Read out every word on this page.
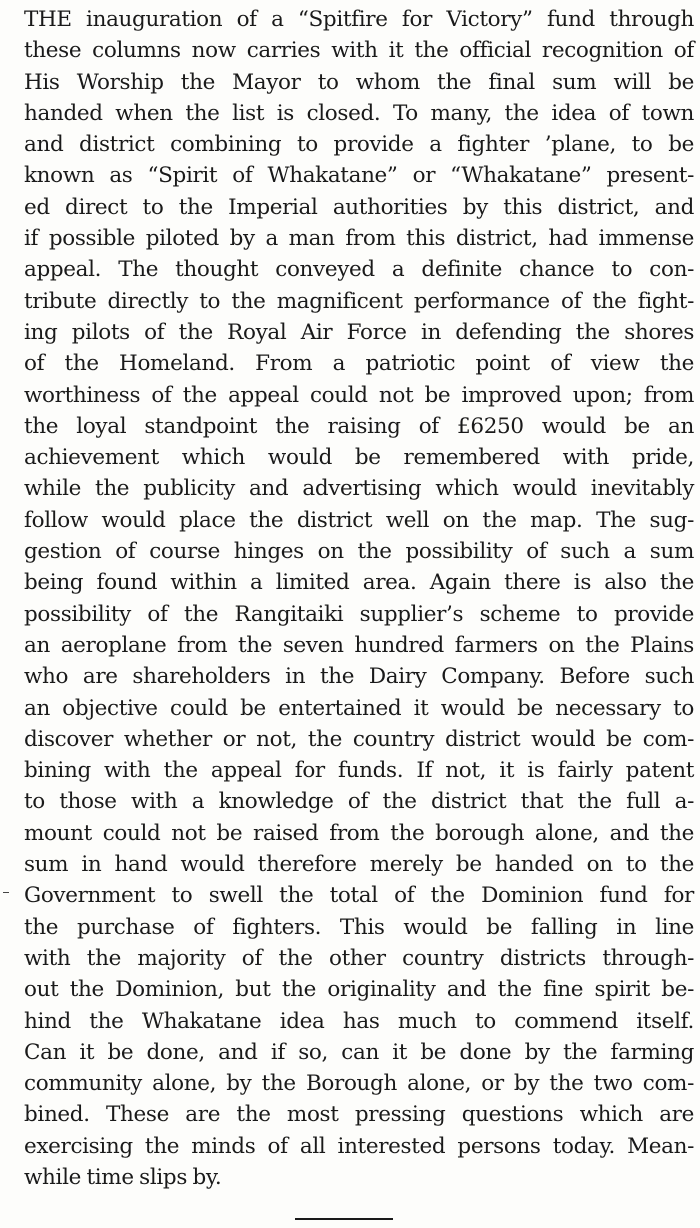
THE inauguration of a “Spitfire for Victory” fund through
these columns now carries with it the official recognition of
His Worship the Mayor to whom the final sum will be
handed when the list is closed. To many, the idea of town
and district combining to provide a fighter ’plane, to be
known as “Spirit of Whakatane” or “Whakatane” present-
ed direct to the Imperial authorities by this district, and
if possible piloted by a man from this district, had immense
appeal. The thought conveyed a definite chance to con-
tribute directly to the magnificent performance of the fight-
ing pilots of the Royal Air Force in defending the shores
of the Homeland. From a patriotic point of view the
worthiness of the appeal could not be improved upon; from
the loyal standpoint the raising of £6250 would be an
achievement which would be remembered with pride,
while the publicity and advertising which would inevitably
follow would place the district well on the map. The sug-
gestion of course hinges on the possibility of such a sum
being found within a limited area. Again there is also the
possibility of the Rangitaiki supplier’s scheme to provide
an aeroplane from the seven hundred farmers on the Plains
who are shareholders in the Dairy Company. Before such
an objective could be entertained it would be necessary to
discover whether or not, the country district would be com-
bining with the appeal for funds. If not, it is fairly patent
to those with a knowledge of the district that the full a-
mount could not be raised from the borough alone, and the
sum in hand would therefore merely be handed on to the
Government to swell the total of the Dominion fund for
the purchase of fighters. This would be falling in line
with the majority of the other country districts through-
out the Dominion, but the originality and the fine spirit be-
hind the Whakatane idea has much to commend itself.
Can it be done, and if so, can it be done by the farming
community alone, by the Borough alone, or by the two com-
bined. These are the most pressing questions which are
exercising the minds of all interested persons today. Mean-
while time slips by.
